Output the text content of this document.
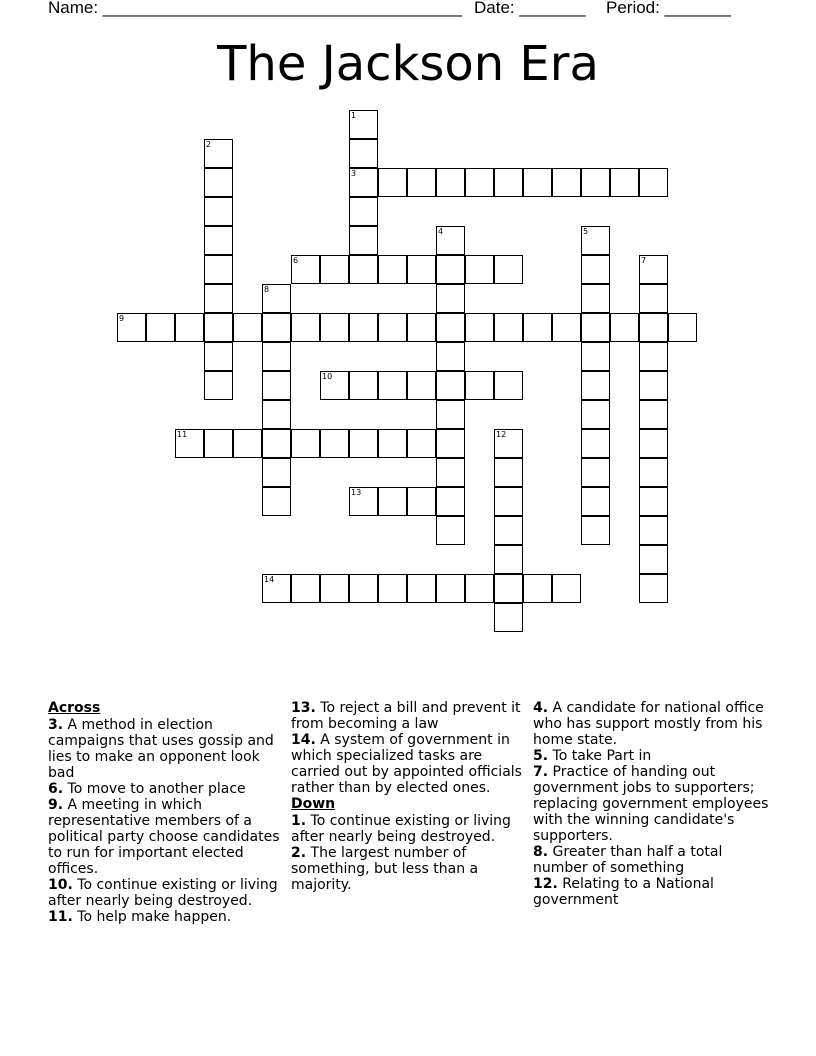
Name: ______________________________________ Date: _______ Period: _______
The Jackson Era
1
3
2
4	5
6	7
8
9
10
11	12
13
14
Across
3. A method in election campaigns that uses gossip and lies to make an opponent look bad
6. To move to another place
9. A meeting in which representative members of a political party choose candidates to run for important elected offices.
10. To continue existing or living after nearly being destroyed.
11. To help make happen.
13. To reject a bill and prevent it from becoming a law
14. A system of government in which specialized tasks are carried out by appointed officials rather than by elected ones.
Down
1. To continue existing or living after nearly being destroyed.
2. The largest number of something, but less than a majority.
4. A candidate for national office who has support mostly from his home state.
5. To take Part in
7. Practice of handing out government jobs to supporters; replacing government employees with the winning candidate's supporters.
8. Greater than half a total number of something
12. Relating to a National government
